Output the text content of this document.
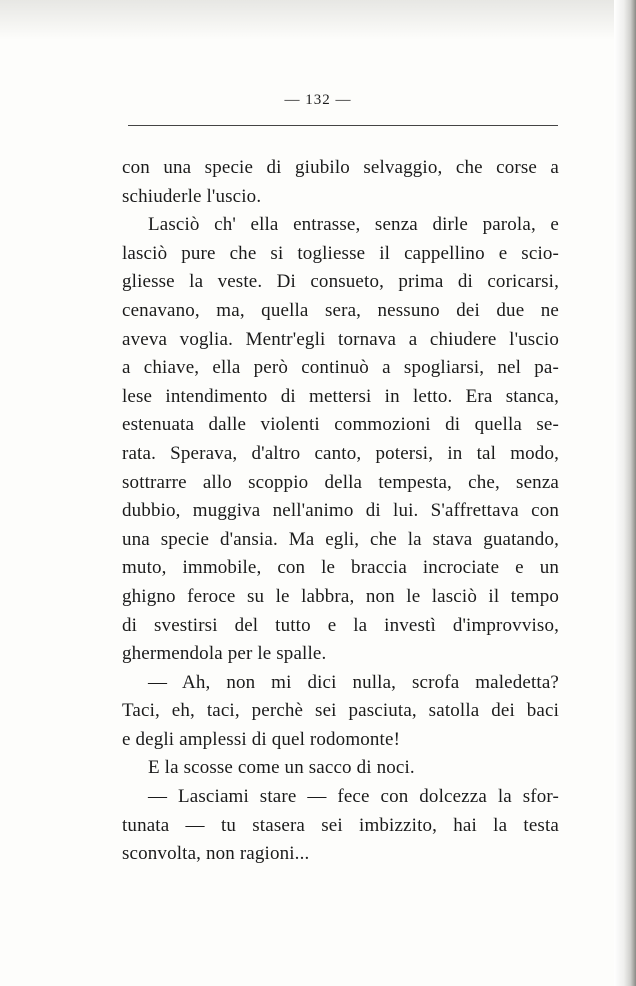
— 132 —
con una specie di giubilo selvaggio, che corse a
schiuderle l'uscio.
Lasciò ch' ella entrasse, senza dirle parola, e
lasciò pure che si togliesse il cappellino e scio-
gliesse la veste. Di consueto, prima di coricarsi,
cenavano, ma, quella sera, nessuno dei due ne
aveva voglia. Mentr'egli tornava a chiudere l'uscio
a chiave, ella però continuò a spogliarsi, nel pa-
lese intendimento di mettersi in letto. Era stanca,
estenuata dalle violenti commozioni di quella se-
rata. Sperava, d'altro canto, potersi, in tal modo,
sottrarre allo scoppio della tempesta, che, senza
dubbio, muggiva nell'animo di lui. S'affrettava con
una specie d'ansia. Ma egli, che la stava guatando,
muto, immobile, con le braccia incrociate e un
ghigno feroce su le labbra, non le lasciò il tempo
di svestirsi del tutto e la investì d'improvviso,
ghermendola per le spalle.
— Ah, non mi dici nulla, scrofa maledetta?
Taci, eh, taci, perchè sei pasciuta, satolla dei baci
e degli amplessi di quel rodomonte!
E la scosse come un sacco di noci.
— Lasciami stare — fece con dolcezza la sfor-
tunata — tu stasera sei imbizzito, hai la testa
sconvolta, non ragioni...
